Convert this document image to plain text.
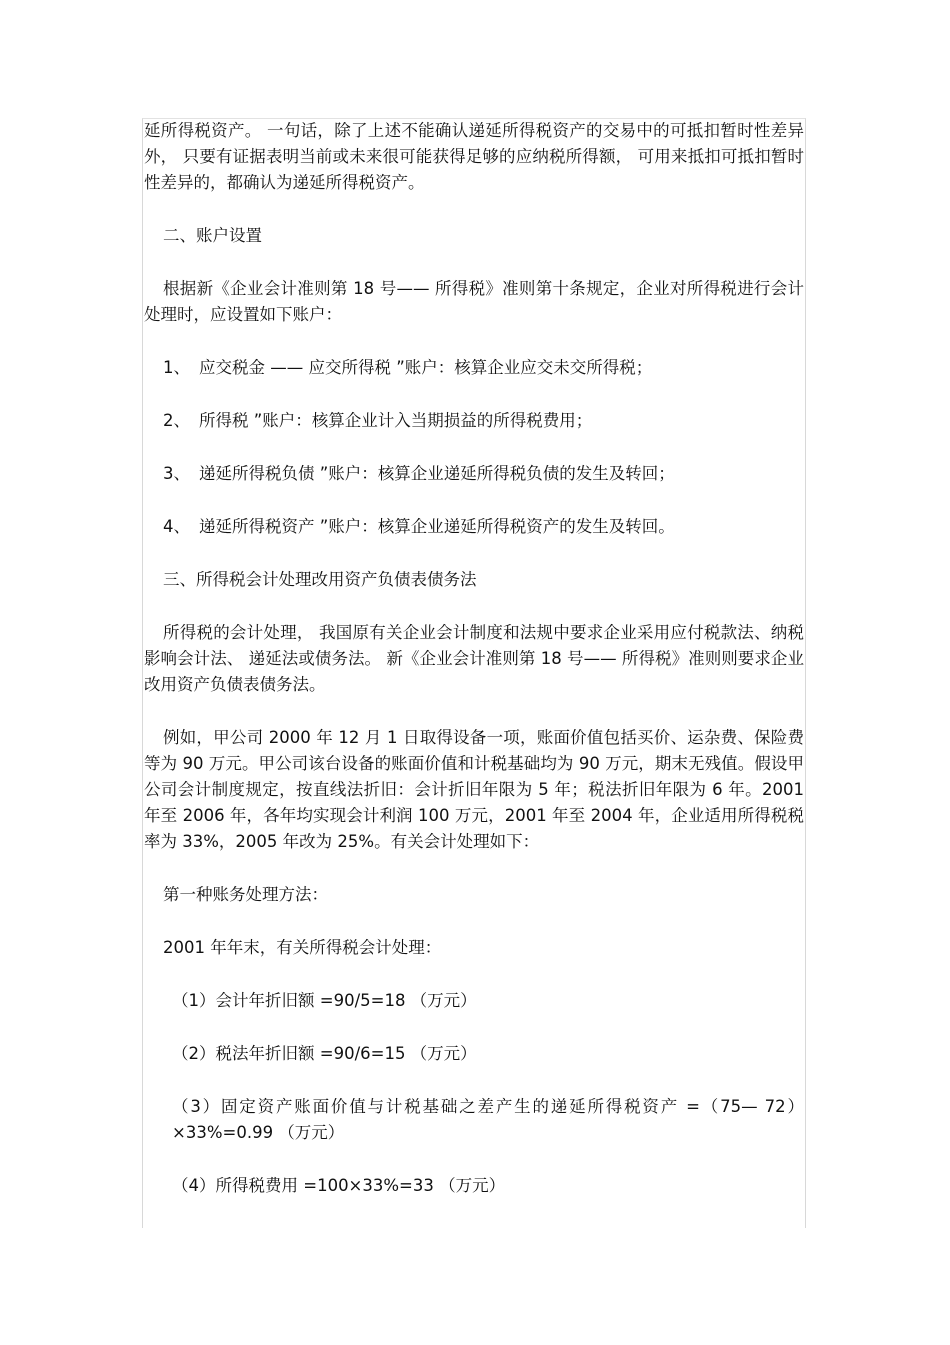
延所得税资产。 一句话，除了上述不能确认递延所得税资产的交易中的可抵扣暂时性差异外， 只要有证据表明当前或未来很可能获得足够的应纳税所得额， 可用来抵扣可抵扣暂时性差异的，都确认为递延所得税资产。

二、账户设置

根据新《企业会计准则第 18 号—— 所得税》准则第十条规定，企业对所得税进行会计处理时，应设置如下账户：

1、 应交税金 —— 应交所得税 ”账户：核算企业应交未交所得税；

2、 所得税 ”账户：核算企业计入当期损益的所得税费用；

3、 递延所得税负债 ”账户：核算企业递延所得税负债的发生及转回；

4、 递延所得税资产 ”账户：核算企业递延所得税资产的发生及转回。

三、所得税会计处理改用资产负债表债务法

所得税的会计处理， 我国原有关企业会计制度和法规中要求企业采用应付税款法、纳税影响会计法、 递延法或债务法。 新《企业会计准则第 18 号—— 所得税》准则则要求企业改用资产负债表债务法。

例如，甲公司 2000 年 12 月 1 日取得设备一项，账面价值包括买价、运杂费、保险费等为 90 万元。甲公司该台设备的账面价值和计税基础均为 90 万元，期末无残值。假设甲公司会计制度规定，按直线法折旧：会计折旧年限为 5 年；税法折旧年限为 6 年。2001 年至 2006 年，各年均实现会计利润 100 万元，2001 年至 2004 年，企业适用所得税税率为 33%，2005 年改为 25%。有关会计处理如下：

第一种账务处理方法：

2001 年年末，有关所得税会计处理：

（1）会计年折旧额 =90/5=18 （万元）

（2）税法年折旧额 =90/6=15 （万元）

（3）固定资产账面价值与计税基础之差产生的递延所得税资产 =（75— 72）×33%=0.99 （万元）

（4）所得税费用 =100×33%=33 （万元）
